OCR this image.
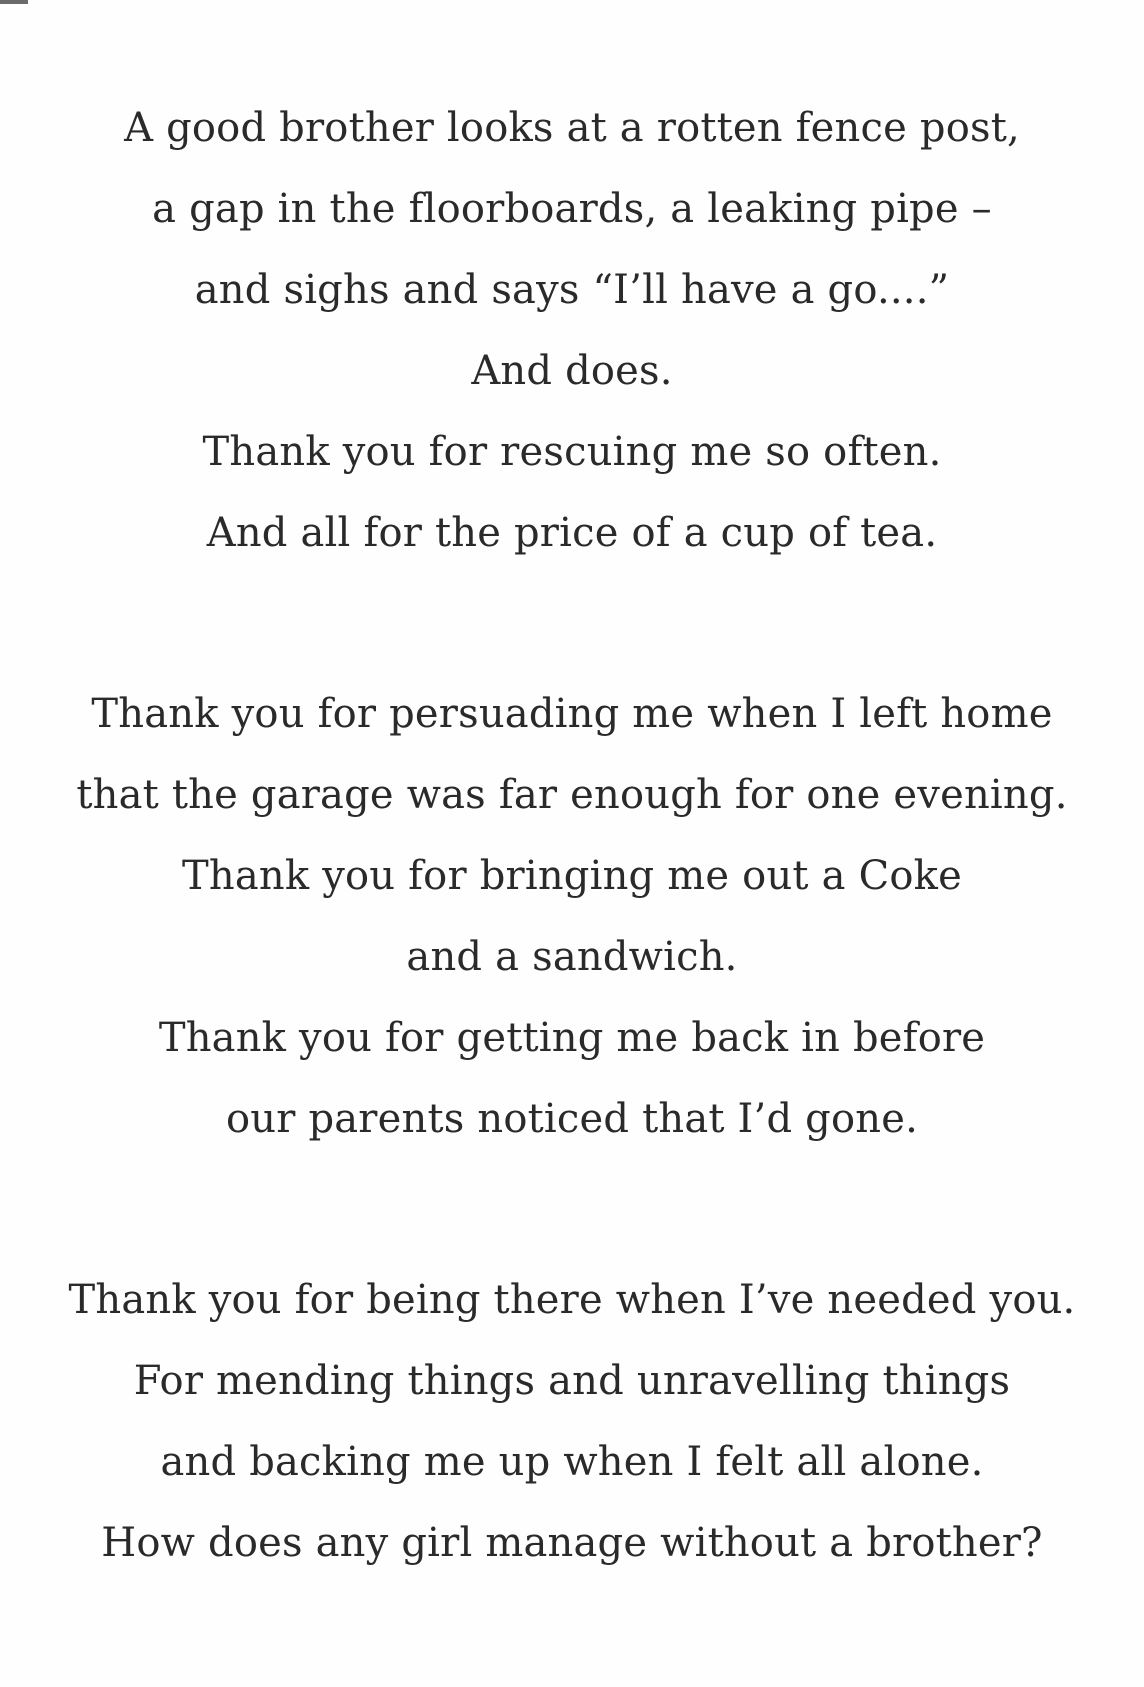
A good brother looks at a rotten fence post,
a gap in the floorboards, a leaking pipe –
and sighs and says “I’ll have a go....”
And does.
Thank you for rescuing me so often.
And all for the price of a cup of tea.
Thank you for persuading me when I left home
that the garage was far enough for one evening.
Thank you for bringing me out a Coke
and a sandwich.
Thank you for getting me back in before
our parents noticed that I’d gone.
Thank you for being there when I’ve needed you.
For mending things and unravelling things
and backing me up when I felt all alone.
How does any girl manage without a brother?
